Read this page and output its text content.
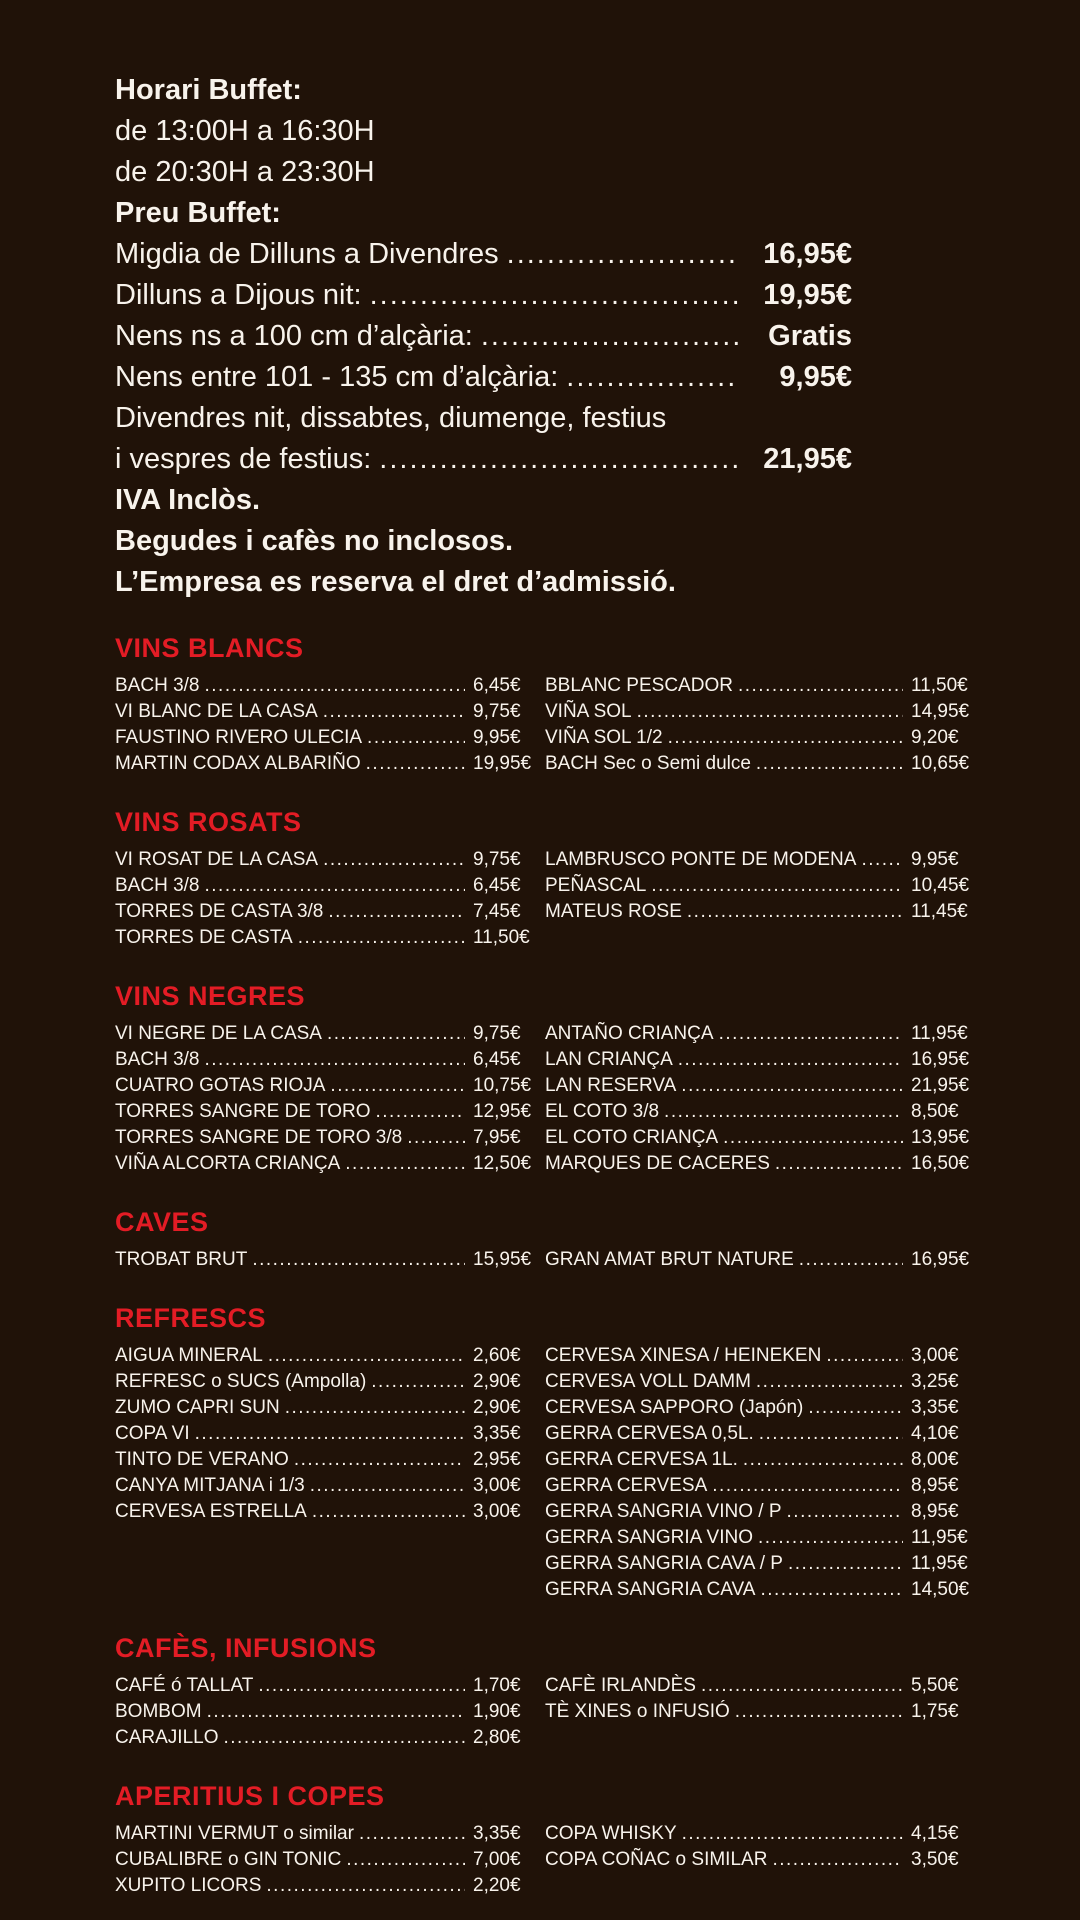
Horari Buffet:
de 13:00H a 16:30H
de 20:30H a 23:30H
Preu Buffet:
Migdia de Dilluns a Divendres .....	16,95€
Dilluns a Dijous nit: .....	19,95€
Nens ns a 100 cm d’alçària: .....	Gratis
Nens entre 101 - 135 cm d’alçària: .....	9,95€
Divendres nit, dissabtes, diumenge, festius
i vespres de festius: .....	21,95€
IVA Inclòs.
Begudes i cafès no inclosos.
L’Empresa es reserva el dret d’admissió.
VINS BLANCS
BACH 3/8 .....	6,45€
VI BLANC DE LA CASA .....	9,75€
FAUSTINO RIVERO ULECIA .....	9,95€
MARTIN CODAX ALBARIÑO .....	19,95€
BBLANC PESCADOR .....	11,50€
VIÑA SOL .....	14,95€
VIÑA SOL 1/2 .....	9,20€
BACH Sec o Semi dulce .....	10,65€
VINS ROSATS
VI ROSAT DE LA CASA .....	9,75€
BACH 3/8 .....	6,45€
TORRES DE CASTA 3/8 .....	7,45€
TORRES DE CASTA .....	11,50€
LAMBRUSCO PONTE DE MODENA .....	9,95€
PEÑASCAL .....	10,45€
MATEUS ROSE .....	11,45€
VINS NEGRES
VI NEGRE DE LA CASA .....	9,75€
BACH 3/8 .....	6,45€
CUATRO GOTAS RIOJA .....	10,75€
TORRES SANGRE DE TORO .....	12,95€
TORRES SANGRE DE TORO 3/8 .....	7,95€
VIÑA ALCORTA CRIANÇA .....	12,50€
ANTAÑO CRIANÇA .....	11,95€
LAN CRIANÇA .....	16,95€
LAN RESERVA .....	21,95€
EL COTO 3/8 .....	8,50€
EL COTO CRIANÇA .....	13,95€
MARQUES DE CACERES .....	16,50€
CAVES
TROBAT BRUT .....	15,95€ GRAN AMAT BRUT NATURE .....	16,95€
REFRESCS
AIGUA MINERAL .....	2,60€
REFRESC o SUCS (Ampolla) .....	2,90€
ZUMO CAPRI SUN .....	2,90€
COPA VI .....	3,35€
TINTO DE VERANO .....	2,95€
CANYA MITJANA i 1/3 .....	3,00€
CERVESA ESTRELLA .....	3,00€
CERVESA XINESA / HEINEKEN .....	3,00€
CERVESA VOLL DAMM .....	3,25€
CERVESA SAPPORO (Japón) .....	3,35€
GERRA CERVESA 0,5L. .....	4,10€
GERRA CERVESA 1L. .....	8,00€
GERRA CERVESA .....	8,95€
GERRA SANGRIA VINO / P .....	8,95€
GERRA SANGRIA VINO .....	11,95€
GERRA SANGRIA CAVA / P .....	11,95€
GERRA SANGRIA CAVA .....	14,50€
CAFÈS, INFUSIONS
CAFÉ ó TALLAT .....	1,70€
BOMBOM .....	1,90€
CARAJILLO .....	2,80€
CAFÈ IRLANDÈS .....	5,50€
TÈ XINES o INFUSIÓ .....	1,75€
APERITIUS I COPES
MARTINI VERMUT o similar .....	3,35€
CUBALIBRE o GIN TONIC .....	7,00€
XUPITO LICORS .....	2,20€
COPA WHISKY .....	4,15€
COPA COÑAC o SIMILAR .....	3,50€
